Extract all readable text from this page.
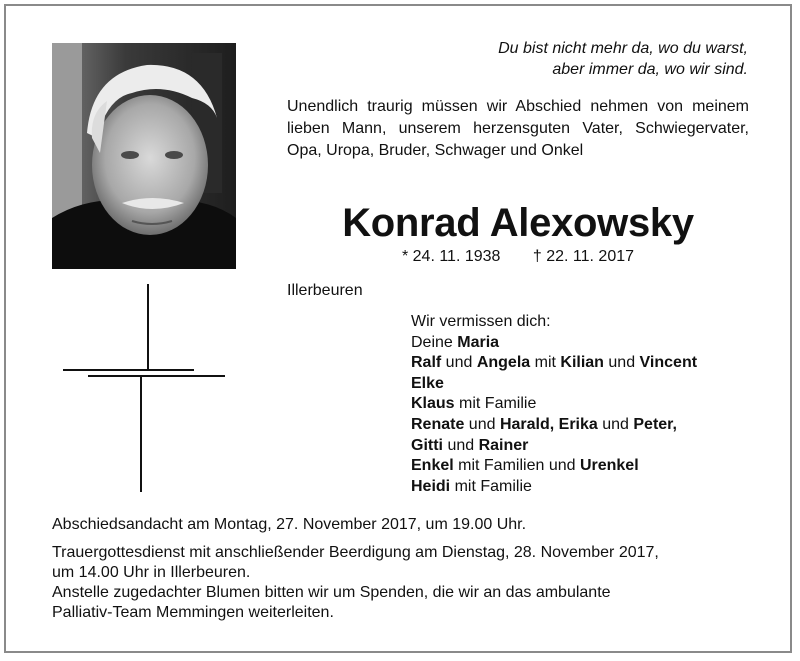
Du bist nicht mehr da, wo du warst,
aber immer da, wo wir sind.
Unendlich traurig müssen wir Abschied nehmen von meinem lieben Mann, unserem herzensguten Vater, Schwiegervater, Opa, Uropa, Bruder, Schwager und Onkel
Konrad Alexowsky
* 24. 11. 1938 † 22. 11. 2017
Illerbeuren
Wir vermissen dich:
Deine Maria
Ralf und Angela mit Kilian und Vincent
Elke
Klaus mit Familie
Renate und Harald, Erika und Peter,
Gitti und Rainer
Enkel mit Familien und Urenkel
Heidi mit Familie
Abschiedsandacht am Montag, 27. November 2017, um 19.00 Uhr.
Trauergottesdienst mit anschließender Beerdigung am Dienstag, 28. November 2017,
um 14.00 Uhr in Illerbeuren.
Anstelle zugedachter Blumen bitten wir um Spenden, die wir an das ambulante
Palliativ-Team Memmingen weiterleiten.
